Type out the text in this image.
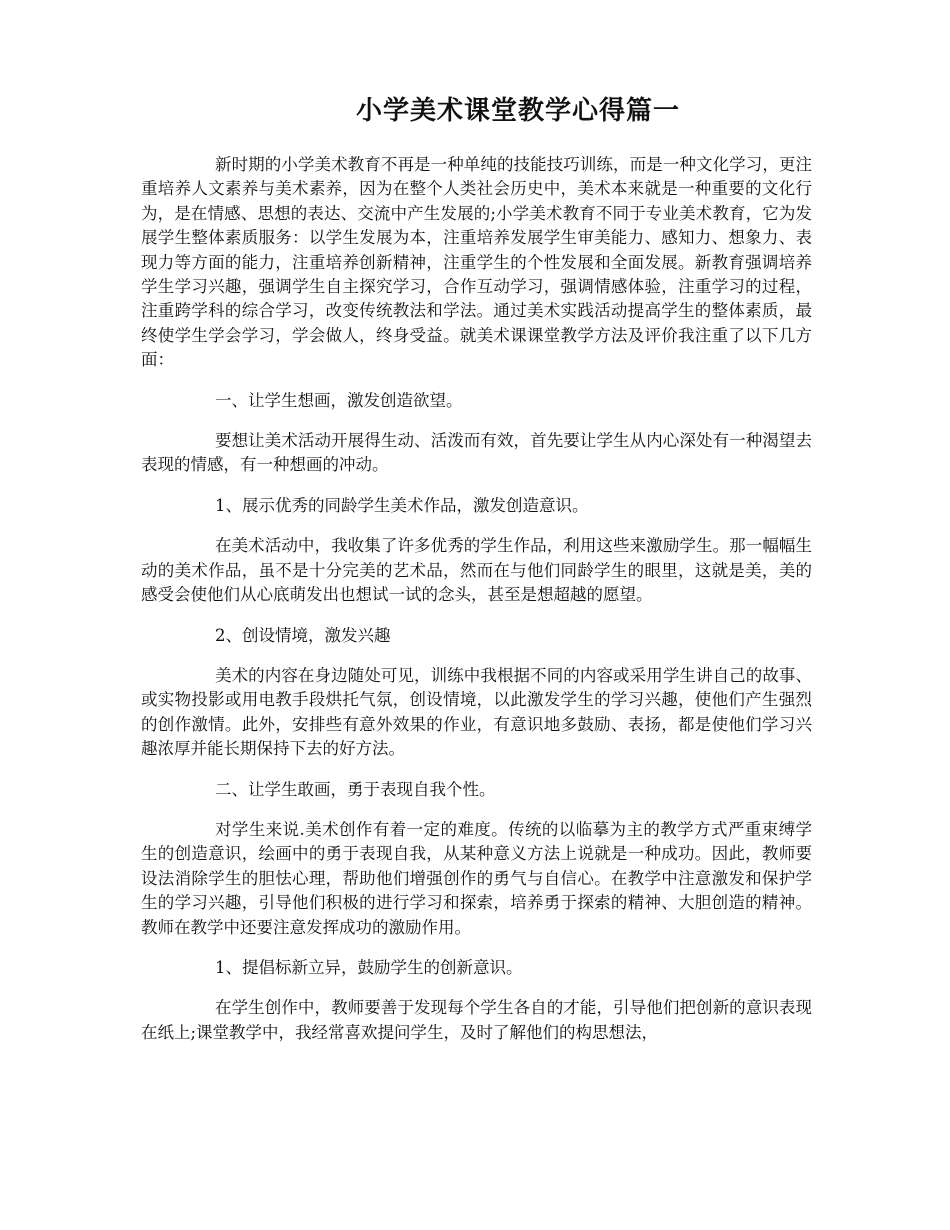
小学美术课堂教学心得篇一

新时期的小学美术教育不再是一种单纯的技能技巧训练，而是一种文化学习，更注重培养人文素养与美术素养，因为在整个人类社会历史中，美术本来就是一种重要的文化行为，是在情感、思想的表达、交流中产生发展的;小学美术教育不同于专业美术教育，它为发展学生整体素质服务：以学生发展为本，注重培养发展学生审美能力、感知力、想象力、表现力等方面的能力，注重培养创新精神，注重学生的个性发展和全面发展。新教育强调培养学生学习兴趣，强调学生自主探究学习，合作互动学习，强调情感体验，注重学习的过程，注重跨学科的综合学习，改变传统教法和学法。通过美术实践活动提高学生的整体素质，最终使学生学会学习，学会做人，终身受益。就美术课课堂教学方法及评价我注重了以下几方面：

一、让学生想画，激发创造欲望。

要想让美术活动开展得生动、活泼而有效，首先要让学生从内心深处有一种渴望去表现的情感，有一种想画的冲动。

1、展示优秀的同龄学生美术作品，激发创造意识。

在美术活动中，我收集了许多优秀的学生作品，利用这些来激励学生。那一幅幅生动的美术作品，虽不是十分完美的艺术品，然而在与他们同龄学生的眼里，这就是美，美的感受会使他们从心底萌发出也想试一试的念头，甚至是想超越的愿望。

2、创设情境，激发兴趣

美术的内容在身边随处可见，训练中我根据不同的内容或采用学生讲自己的故事、或实物投影或用电教手段烘托气氛，创设情境，以此激发学生的学习兴趣，使他们产生强烈的创作激情。此外，安排些有意外效果的作业，有意识地多鼓励、表扬，都是使他们学习兴趣浓厚并能长期保持下去的好方法。

二、让学生敢画，勇于表现自我个性。

对学生来说.美术创作有着一定的难度。传统的以临摹为主的教学方式严重束缚学生的创造意识，绘画中的勇于表现自我，从某种意义方法上说就是一种成功。因此，教师要设法消除学生的胆怯心理，帮助他们增强创作的勇气与自信心。在教学中注意激发和保护学生的学习兴趣，引导他们积极的进行学习和探索，培养勇于探索的精神、大胆创造的精神。教师在教学中还要注意发挥成功的激励作用。

1、提倡标新立异，鼓励学生的创新意识。

在学生创作中，教师要善于发现每个学生各自的才能，引导他们把创新的意识表现在纸上;课堂教学中，我经常喜欢提问学生，及时了解他们的构思想法，
